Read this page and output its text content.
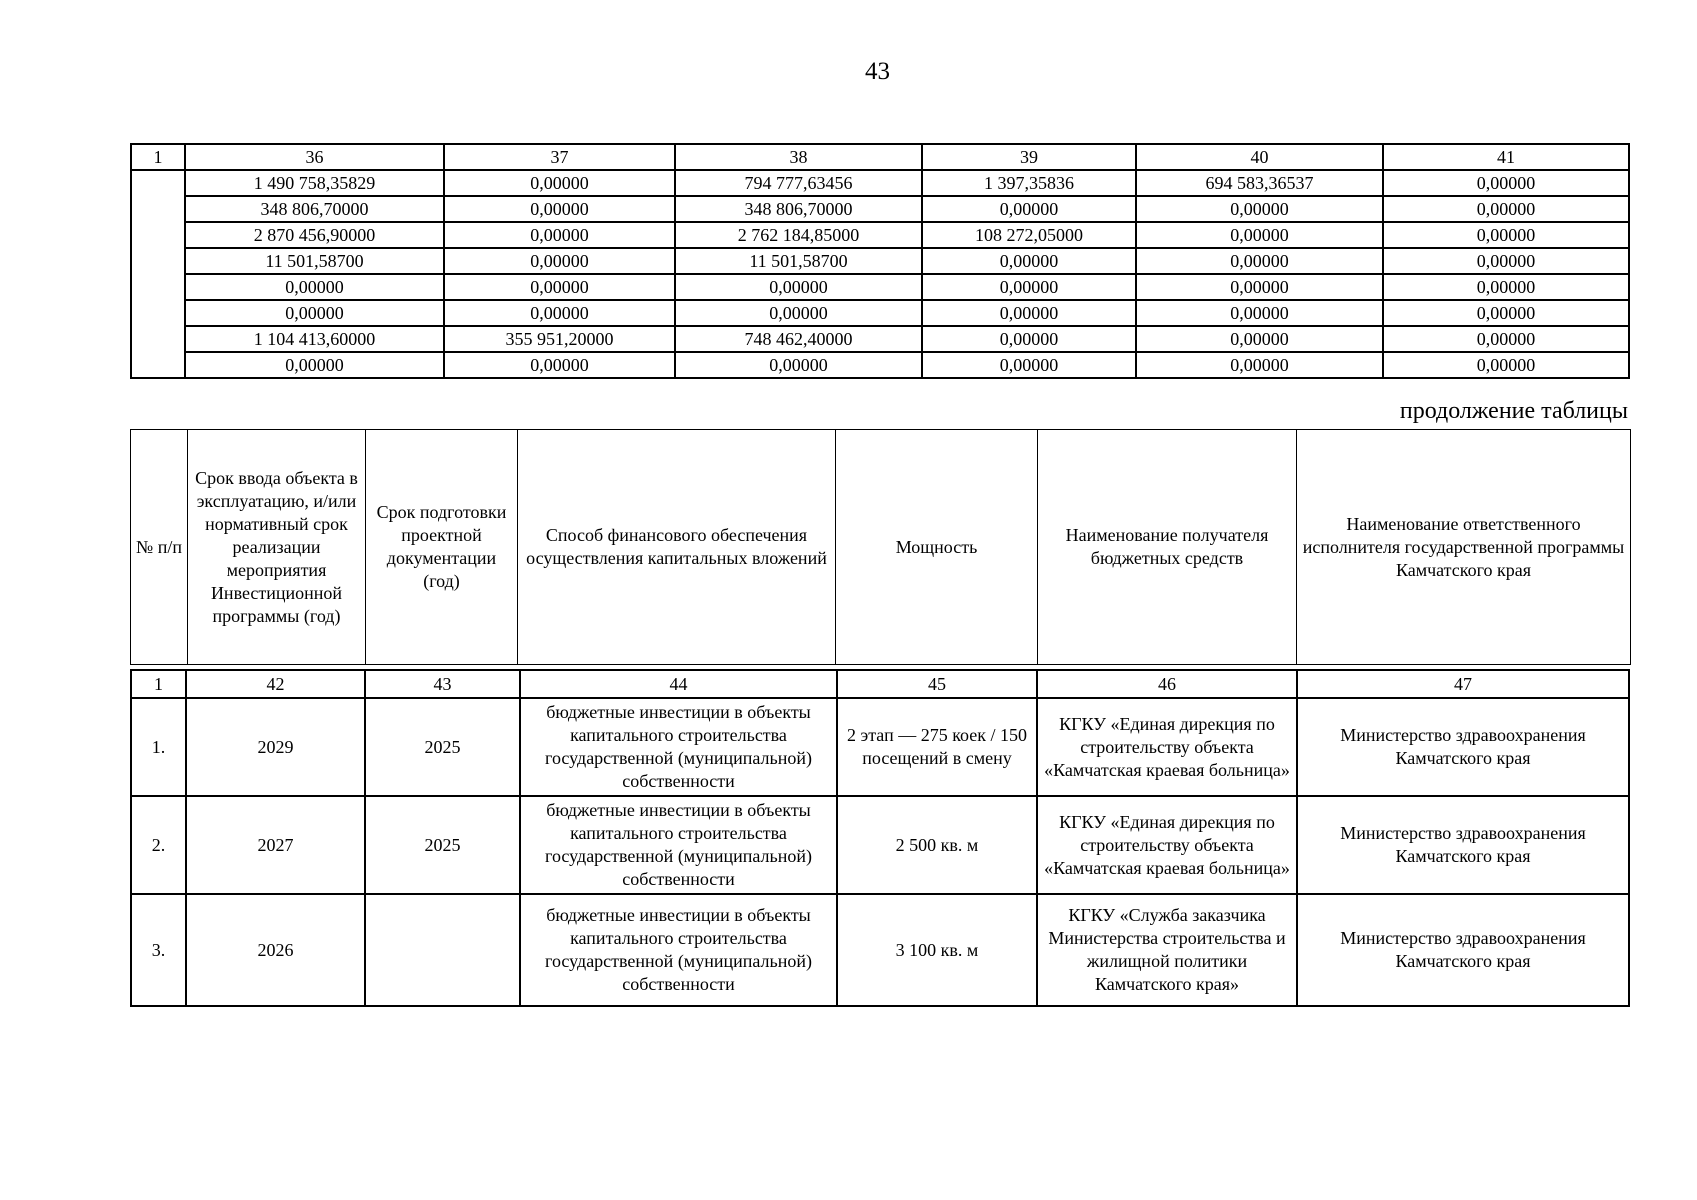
43
1	36	37	38	39	40	41
	1 490 758,35829	0,00000	794 777,63456	1 397,35836	694 583,36537	0,00000
	348 806,70000	0,00000	348 806,70000	0,00000	0,00000	0,00000
	2 870 456,90000	0,00000	2 762 184,85000	108 272,05000	0,00000	0,00000
	11 501,58700	0,00000	11 501,58700	0,00000	0,00000	0,00000
	0,00000	0,00000	0,00000	0,00000	0,00000	0,00000
	0,00000	0,00000	0,00000	0,00000	0,00000	0,00000
	1 104 413,60000	355 951,20000	748 462,40000	0,00000	0,00000	0,00000
	0,00000	0,00000	0,00000	0,00000	0,00000	0,00000
продолжение таблицы
№ п/п	Срок ввода объекта в эксплуатацию, и/или нормативный срок реализации мероприятия Инвестиционной программы (год)	Срок подготовки проектной документации (год)	Способ финансового обеспечения осуществления капитальных вложений	Мощность	Наименование получателя бюджетных средств	Наименование ответственного исполнителя государственной программы Камчатского края
1	42	43	44	45	46	47
1.	2029	2025	бюджетные инвестиции в объекты капитального строительства государственной (муниципальной) собственности	2 этап — 275 коек / 150 посещений в смену	КГКУ «Единая дирекция по строительству объекта «Камчатская краевая больница»	Министерство здравоохранения Камчатского края
2.	2027	2025	бюджетные инвестиции в объекты капитального строительства государственной (муниципальной) собственности	2 500 кв. м	КГКУ «Единая дирекция по строительству объекта «Камчатская краевая больница»	Министерство здравоохранения Камчатского края
3.	2026		бюджетные инвестиции в объекты капитального строительства государственной (муниципальной) собственности	3 100 кв. м	КГКУ «Служба заказчика Министерства строительства и жилищной политики Камчатского края»	Министерство здравоохранения Камчатского края
